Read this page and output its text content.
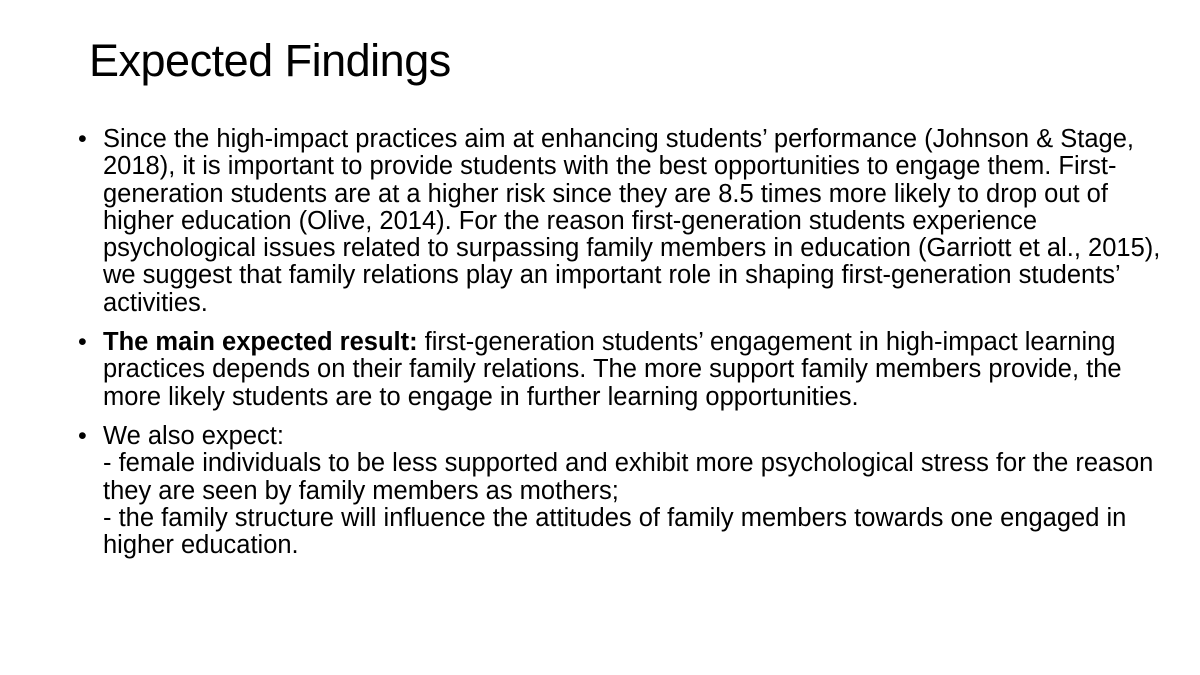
Expected Findings
• Since the high-impact practices aim at enhancing students’ performance (Johnson & Stage, 2018), it is important to provide students with the best opportunities to engage them. First-generation students are at a higher risk since they are 8.5 times more likely to drop out of higher education (Olive, 2014). For the reason first-generation students experience psychological issues related to surpassing family members in education (Garriott et al., 2015), we suggest that family relations play an important role in shaping first-generation students’ activities.
• The main expected result: first-generation students’ engagement in high-impact learning practices depends on their family relations. The more support family members provide, the more likely students are to engage in further learning opportunities.
• We also expect:
- female individuals to be less supported and exhibit more psychological stress for the reason they are seen by family members as mothers;
- the family structure will influence the attitudes of family members towards one engaged in higher education.
